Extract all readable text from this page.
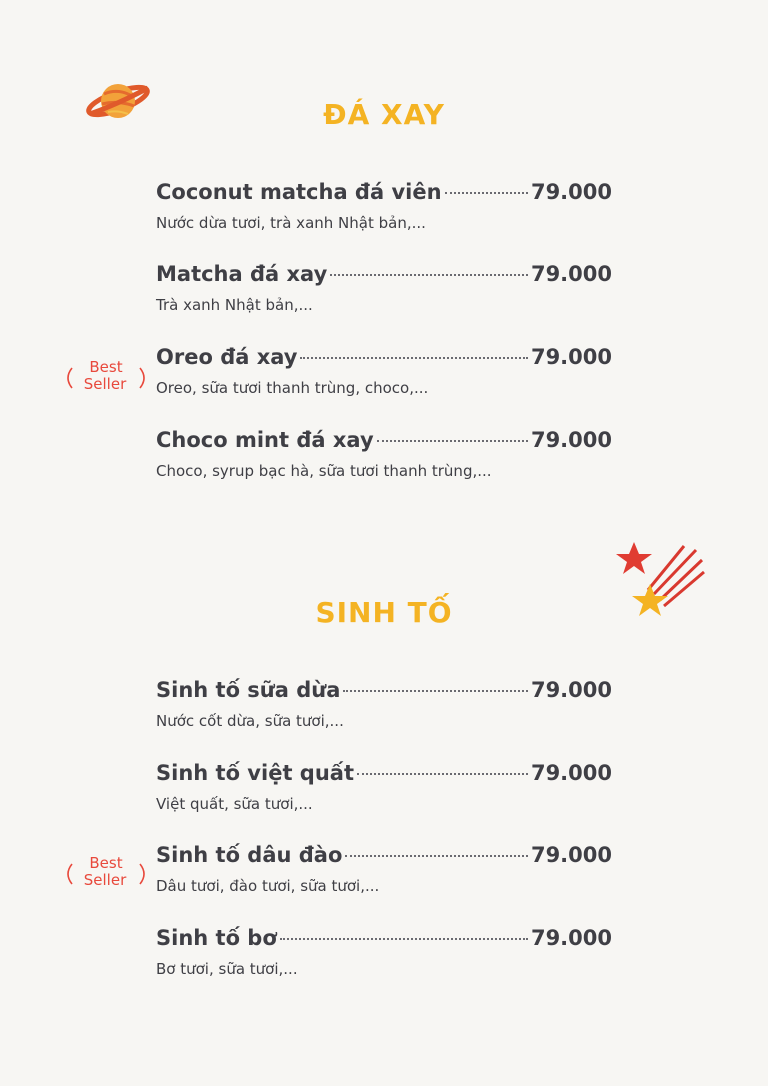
ĐÁ XAY
Coconut matcha đá viên	79.000
Nước dừa tươi, trà xanh Nhật bản,...
Matcha đá xay	79.000
Trà xanh Nhật bản,...
Best
Seller
Oreo đá xay	79.000
Oreo, sữa tươi thanh trùng, choco,...
Choco mint đá xay	79.000
Choco, syrup bạc hà, sữa tươi thanh trùng,...
SINH TỐ
Sinh tố sữa dừa	79.000
Nước cốt dừa, sữa tươi,...
Sinh tố việt quất	79.000
Việt quất, sữa tươi,...
Best
Seller
Sinh tố dâu đào	79.000
Dâu tươi, đào tươi, sữa tươi,...
Sinh tố bơ	79.000
Bơ tươi, sữa tươi,...
